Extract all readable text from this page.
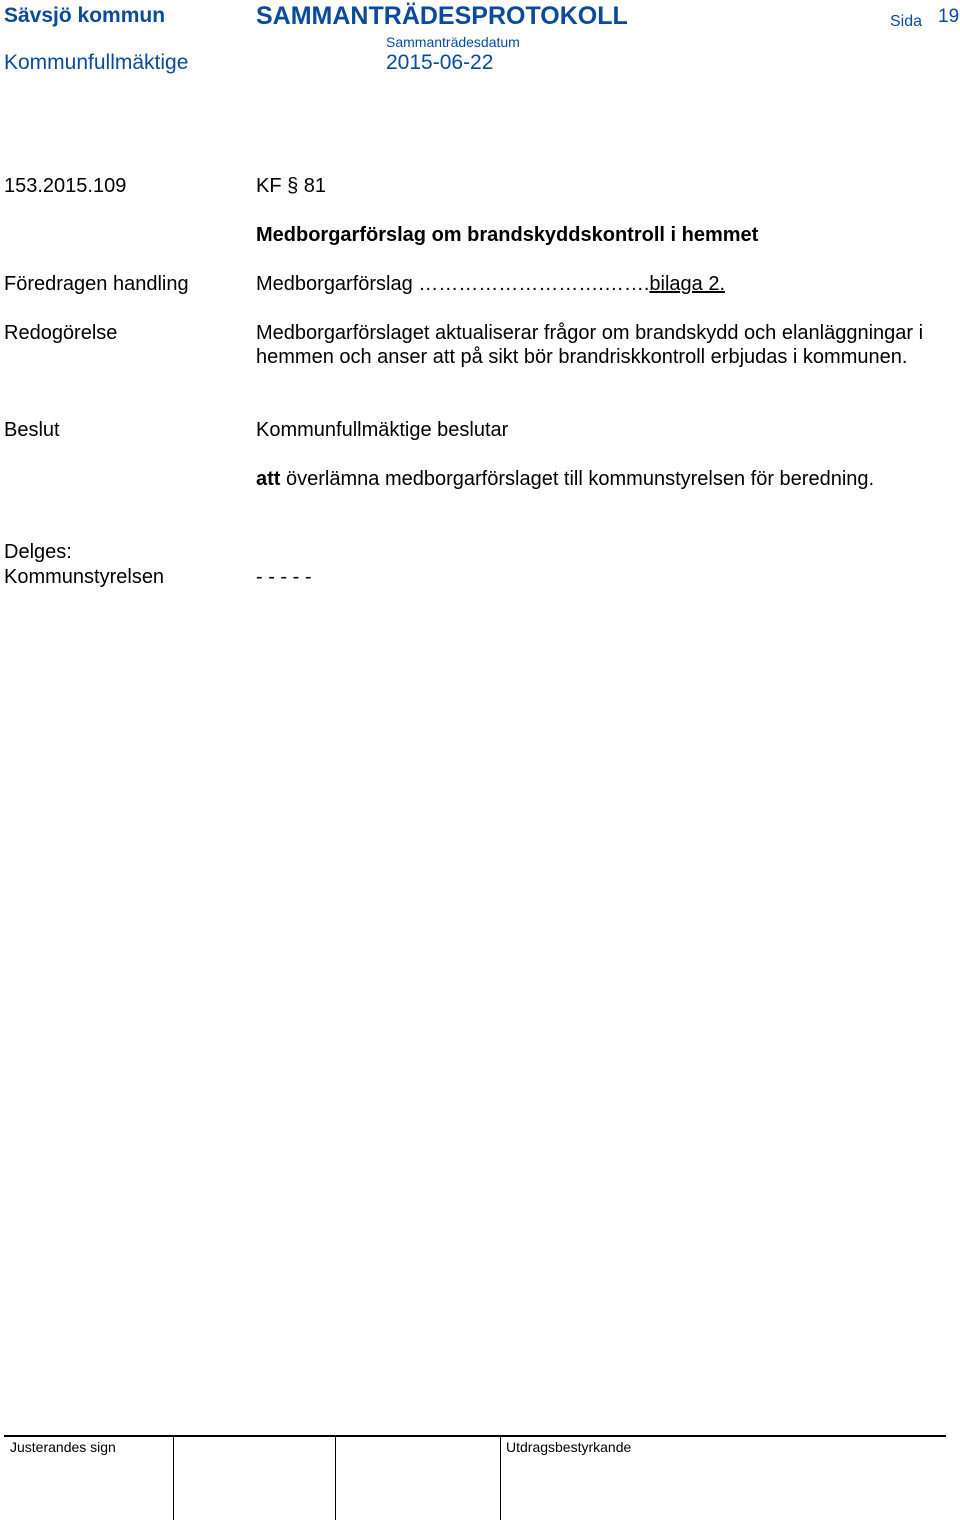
Sävsjö kommun	SAMMANTRÄDESPROTOKOLL	Sida 19
Kommunfullmäktige
Sammanträdesdatum
2015-06-22
153.2015.109	KF § 81
Medborgarförslag om brandskyddskontroll i hemmet
Föredragen handling	Medborgarförslag ……………………….…….bilaga 2.
Redogörelse	Medborgarförslaget aktualiserar frågor om brandskydd och elanläggningar i hemmen och anser att på sikt bör brandriskkontroll erbjudas i kommunen.
Beslut	Kommunfullmäktige beslutar
att överlämna medborgarförslaget till kommunstyrelsen för beredning.
Delges:
Kommunstyrelsen	- - - - -
Justerandes sign	Utdragsbestyrkande
